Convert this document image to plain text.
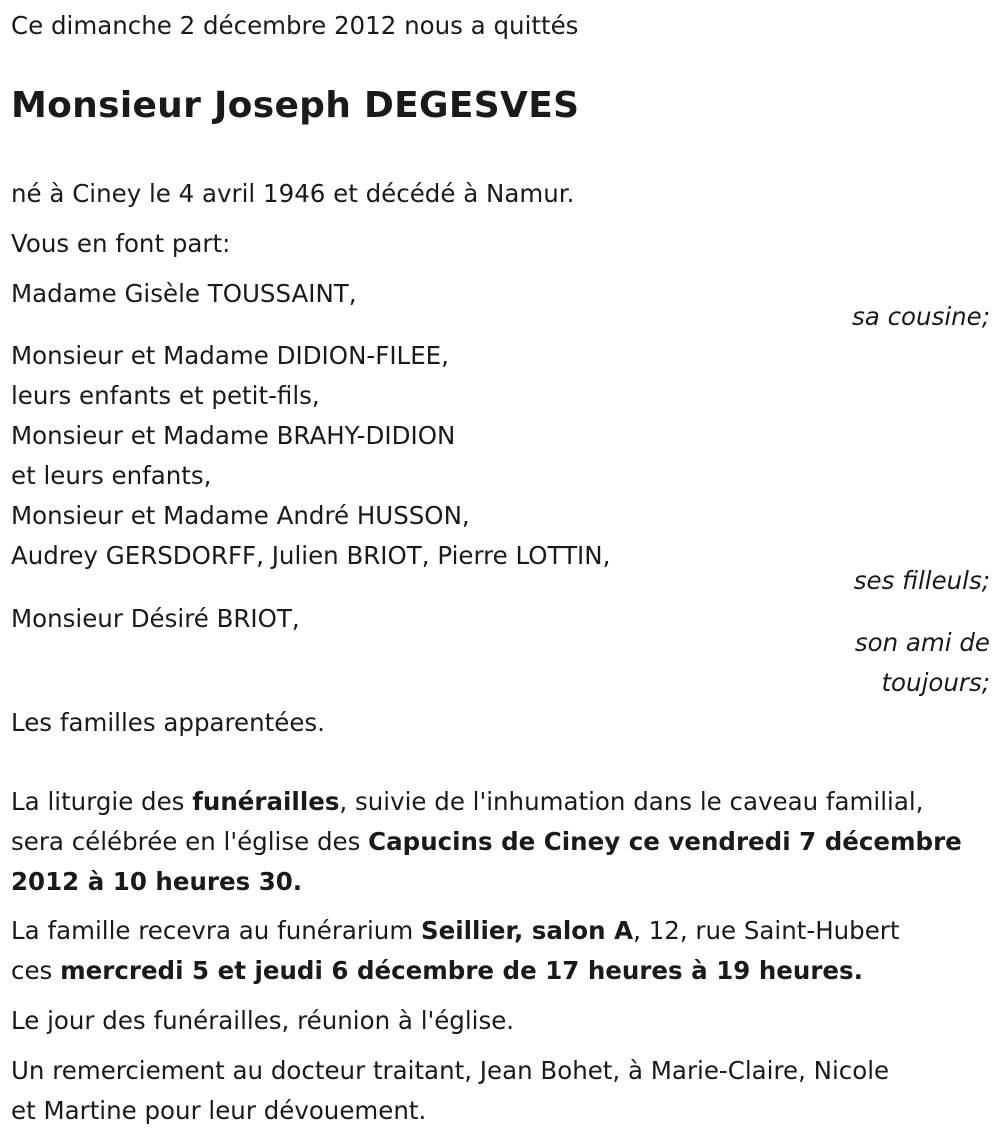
Ce dimanche 2 décembre 2012 nous a quittés
Monsieur Joseph DEGESVES
né à Ciney le 4 avril 1946 et décédé à Namur.
Vous en font part:
Madame Gisèle TOUSSAINT,
sa cousine;
Monsieur et Madame DIDION-FILEE,
leurs enfants et petit-fils,
Monsieur et Madame BRAHY-DIDION
et leurs enfants,
Monsieur et Madame André HUSSON,
Audrey GERSDORFF, Julien BRIOT, Pierre LOTTIN,
ses filleuls;
Monsieur Désiré BRIOT,
son ami de
toujours;
Les familles apparentées.
La liturgie des funérailles, suivie de l'inhumation dans le caveau familial,
sera célébrée en l'église des Capucins de Ciney ce vendredi 7 décembre
2012 à 10 heures 30.
La famille recevra au funérarium Seillier, salon A, 12, rue Saint-Hubert
ces mercredi 5 et jeudi 6 décembre de 17 heures à 19 heures.
Le jour des funérailles, réunion à l'église.
Un remerciement au docteur traitant, Jean Bohet, à Marie-Claire, Nicole
et Martine pour leur dévouement.
